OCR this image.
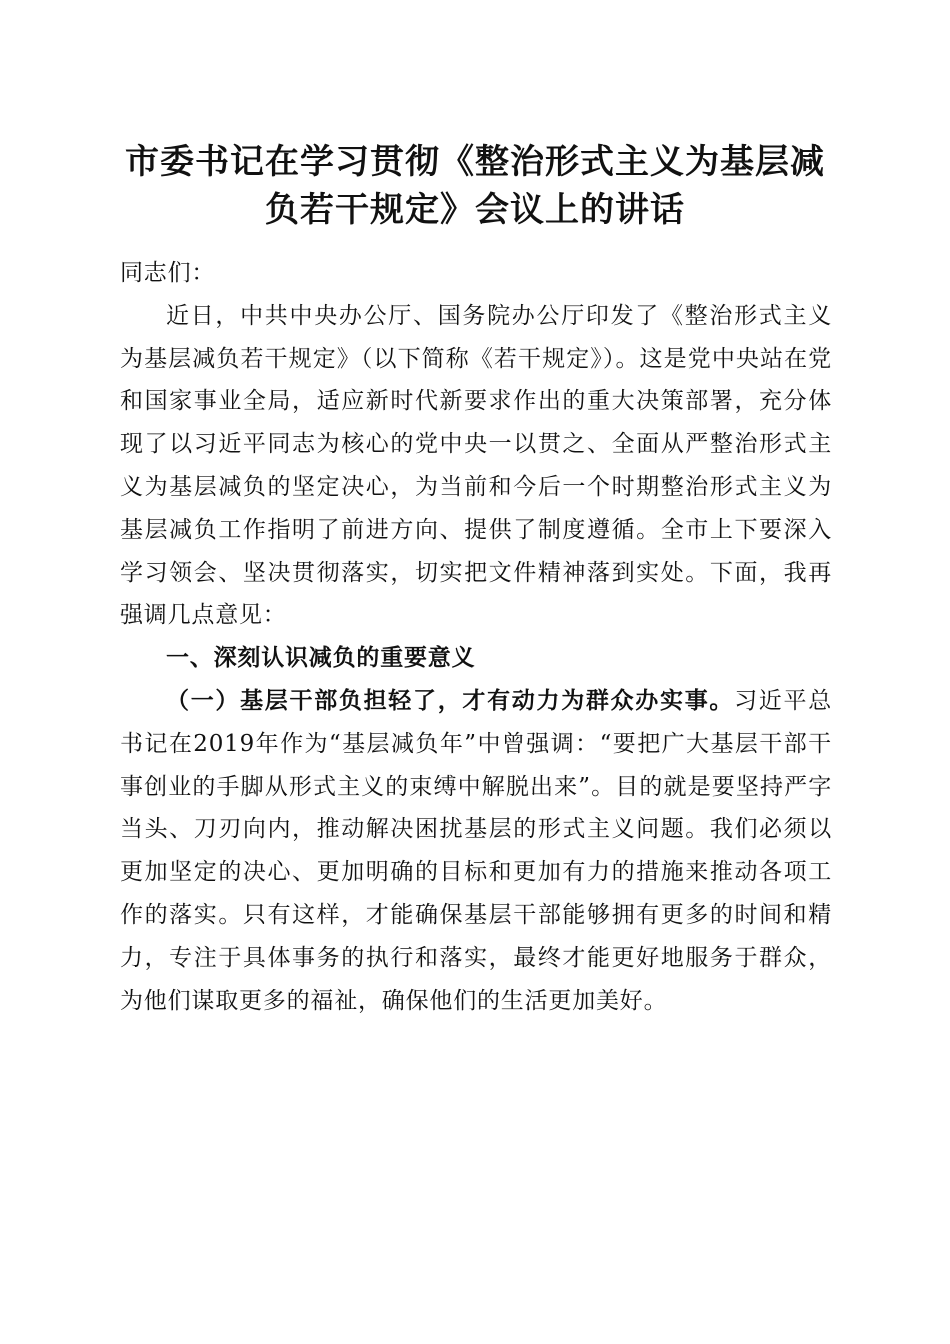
市委书记在学习贯彻《整治形式主义为基层减
负若干规定》会议上的讲话

同志们：

近日，中共中央办公厅、国务院办公厅印发了《整治形式主义为基层减负若干规定》（以下简称《若干规定》）。这是党中央站在党和国家事业全局，适应新时代新要求作出的重大决策部署，充分体现了以习近平同志为核心的党中央一以贯之、全面从严整治形式主义为基层减负的坚定决心，为当前和今后一个时期整治形式主义为基层减负工作指明了前进方向、提供了制度遵循。全市上下要深入学习领会、坚决贯彻落实，切实把文件精神落到实处。下面，我再强调几点意见：

一、深刻认识减负的重要意义

（一）基层干部负担轻了，才有动力为群众办实事。习近平总书记在2019年作为“基层减负年”中曾强调：“要把广大基层干部干事创业的手脚从形式主义的束缚中解脱出来”。目的就是要坚持严字当头、刀刃向内，推动解决困扰基层的形式主义问题。我们必须以更加坚定的决心、更加明确的目标和更加有力的措施来推动各项工作的落实。只有这样，才能确保基层干部能够拥有更多的时间和精力，专注于具体事务的执行和落实，最终才能更好地服务于群众，为他们谋取更多的福祉，确保他们的生活更加美好。
